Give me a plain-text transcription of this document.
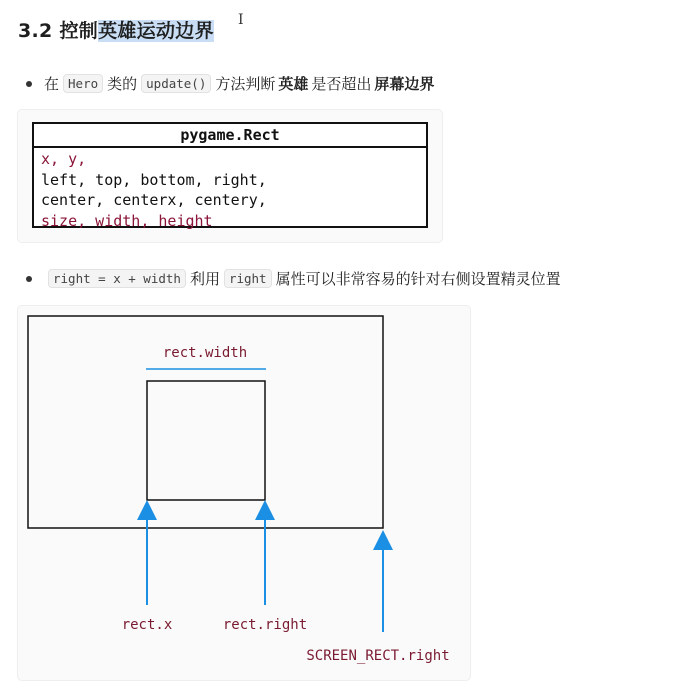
3.2 控制英雄运动边界 I
在 Hero 类的 update() 方法判断 英雄 是否超出 屏幕边界
pygame.Rect
x, y,
left, top, bottom, right,
center, centerx, centery,
size, width, height
right = x + width 利用 right 属性可以非常容易的针对右侧设置精灵位置
rect.width
rect.x	rect.right
SCREEN_RECT.right
